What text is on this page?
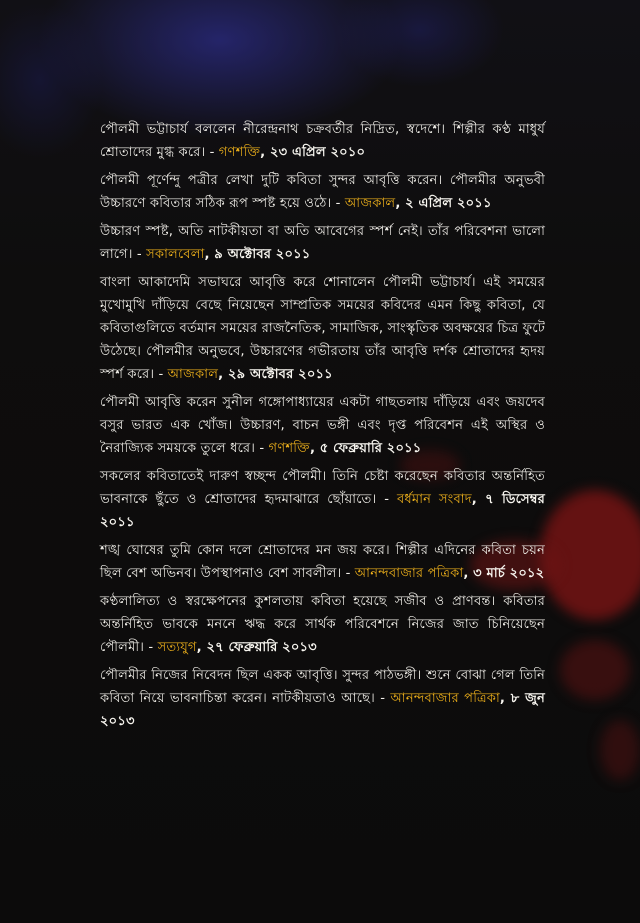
পৌলমী ভট্টাচার্য বললেন নীরেন্দ্রনাথ চক্রবর্তীর নিদ্রিত, স্বদেশে। শিল্পীর কণ্ঠ মাধুর্য শ্রোতাদের মুগ্ধ করে। - গণশক্তি, ২৩ এপ্রিল ২০১০

পৌলমী পূর্ণেন্দু পত্রীর লেখা দুটি কবিতা সুন্দর আবৃত্তি করেন। পৌলমীর অনুভবী উচ্চারণে কবিতার সঠিক রূপ স্পষ্ট হয়ে ওঠে। - আজকাল, ২ এপ্রিল ২০১১

উচ্চারণ স্পষ্ট, অতি নাটকীয়তা বা অতি আবেগের স্পর্শ নেই। তাঁর পরিবেশনা ভালো লাগে। - সকালবেলা, ৯ অক্টোবর ২০১১

বাংলা আকাদেমি সভাঘরে আবৃত্তি করে শোনালেন পৌলমী ভট্টাচার্য। এই সময়ের মুখোমুখি দাঁড়িয়ে বেছে নিয়েছেন সাম্প্রতিক সময়ের কবিদের এমন কিছু কবিতা, যে কবিতাগুলিতে বর্তমান সময়ের রাজনৈতিক, সামাজিক, সাংস্কৃতিক অবক্ষয়ের চিত্র ফুটে উঠেছে। পৌলমীর অনুভবে, উচ্চারণের গভীরতায় তাঁর আবৃত্তি দর্শক শ্রোতাদের হৃদয় স্পর্শ করে। - আজকাল, ২৯ অক্টোবর ২০১১

পৌলমী আবৃত্তি করেন সুনীল গঙ্গোপাধ্যায়ের একটা গাছতলায় দাঁড়িয়ে এবং জয়দেব বসুর ভারত এক খোঁজ। উচ্চারণ, বাচন ভঙ্গী এবং দৃপ্ত পরিবেশন এই অস্থির ও নৈরাজ্যিক সময়কে তুলে ধরে। - গণশক্তি, ৫ ফেব্রুয়ারি ২০১১

সকলের কবিতাতেই দারুণ স্বচ্ছন্দ পৌলমী। তিনি চেষ্টা করেছেন কবিতার অন্তর্নিহিত ভাবনাকে ছুঁতে ও শ্রোতাদের হৃদমাঝারে ছোঁয়াতে। - বর্ধমান সংবাদ, ৭ ডিসেম্বর ২০১১

শঙ্খ ঘোষের তুমি কোন দলে শ্রোতাদের মন জয় করে। শিল্পীর এদিনের কবিতা চয়ন ছিল বেশ অভিনব। উপস্থাপনাও বেশ সাবলীল। - আনন্দবাজার পত্রিকা, ৩ মার্চ ২০১২

কণ্ঠলালিত্য ও স্বরক্ষেপনের কুশলতায় কবিতা হয়েছে সজীব ও প্রাণবন্ত। কবিতার অন্তর্নিহিত ভাবকে মননে ঋদ্ধ করে সার্থক পরিবেশনে নিজের জাত চিনিয়েছেন পৌলমী। - সত্যযুগ, ২৭ ফেব্রুয়ারি ২০১৩

পৌলমীর নিজের নিবেদন ছিল একক আবৃত্তি। সুন্দর পাঠভঙ্গী। শুনে বোঝা গেল তিনি কবিতা নিয়ে ভাবনাচিন্তা করেন। নাটকীয়তাও আছে। - আনন্দবাজার পত্রিকা, ৮ জুন ২০১৩
